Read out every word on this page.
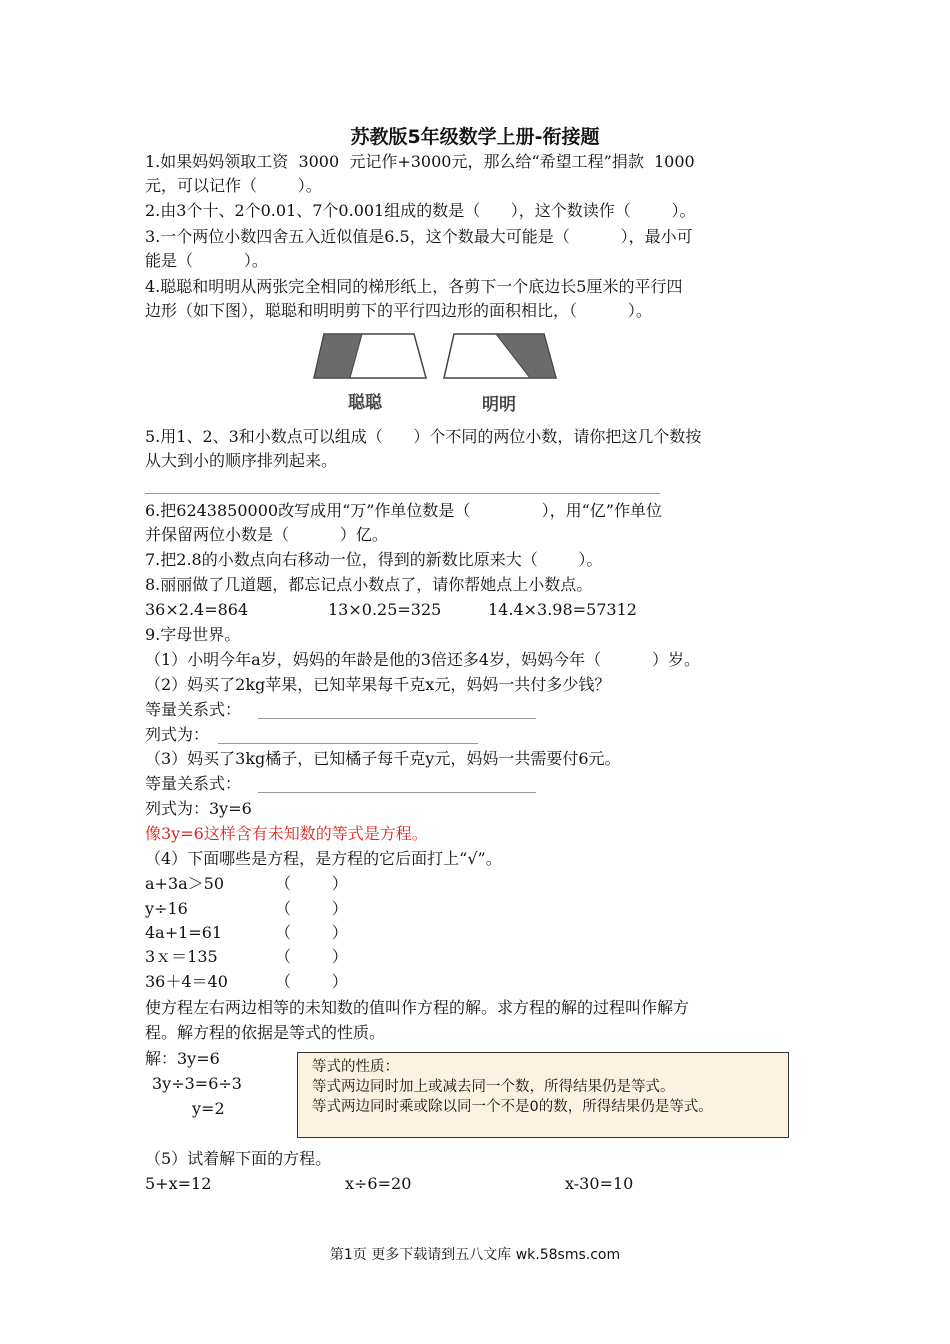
苏教版5年级数学上册-衔接题
1.如果妈妈领取工资  3000  元记作+3000元，那么给“希望工程”捐款  1000
元，可以记作（        ）。
2.由3个十、2个0.01、7个0.001组成的数是（      ），这个数读作（        ）。
3.一个两位小数四舍五入近似值是6.5，这个数最大可能是（          ），最小可
能是（          ）。
4.聪聪和明明从两张完全相同的梯形纸上，各剪下一个底边长5厘米的平行四
边形（如下图），聪聪和明明剪下的平行四边形的面积相比，（          ）。
聪聪	明明
5.用1、2、3和小数点可以组成（      ）个不同的两位小数，请你把这几个数按
从大到小的顺序排列起来。
6.把6243850000改写成用“万”作单位数是（              ），用“亿”作单位
并保留两位小数是（          ）亿。
7.把2.8的小数点向右移动一位，得到的新数比原来大（        ）。
8.丽丽做了几道题，都忘记点小数点了，请你帮她点上小数点。
36×2.4=864	13×0.25=325	14.4×3.98=57312
9.字母世界。
（1）小明今年a岁，妈妈的年龄是他的3倍还多4岁，妈妈今年（          ）岁。
（2）妈买了2kg苹果，已知苹果每千克x元，妈妈一共付多少钱？
等量关系式：
列式为：
（3）妈买了3kg橘子，已知橘子每千克y元，妈妈一共需要付6元。
等量关系式：
列式为：3y=6
像3y=6这样含有未知数的等式是方程。
（4）下面哪些是方程，是方程的它后面打上“√”。
a+3a＞50	（        ）
y÷16	（        ）
4a+1=61	（        ）
3ｘ＝135	（        ）
36＋4＝40	（        ）
使方程左右两边相等的未知数的值叫作方程的解。求方程的解的过程叫作解方
程。解方程的依据是等式的性质。
解：3y=6
3y÷3=6÷3
y=2
等式的性质：
等式两边同时加上或减去同一个数，所得结果仍是等式。
等式两边同时乘或除以同一个不是0的数，所得结果仍是等式。
（5）试着解下面的方程。
5+x=12	x÷6=20	x-30=10
第1页 更多下载请到五八文库 wk.58sms.com
